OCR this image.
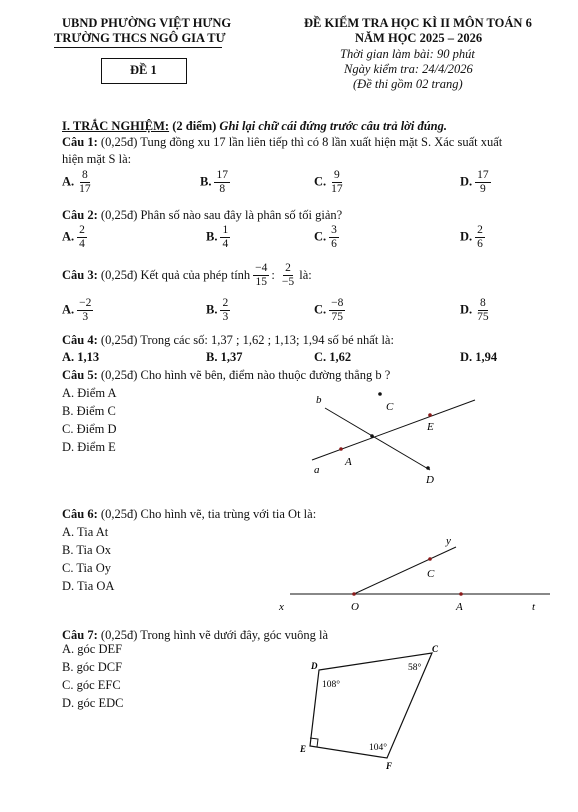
UBND PHƯỜNG VIỆT HƯNG
TRƯỜNG THCS NGÔ GIA TƯ
ĐỀ 1
ĐỀ KIỂM TRA HỌC KÌ II MÔN TOÁN 6
NĂM HỌC 2025 – 2026
Thời gian làm bài: 90 phút
Ngày kiểm tra: 24/4/2026
(Đề thi gồm 02 trang)
I. TRẮC NGHIỆM: (2 điểm) Ghi lại chữ cái đứng trước câu trả lời đúng.
Câu 1: (0,25đ) Tung đồng xu 17 lần liên tiếp thì có 8 lần xuất hiện mặt S. Xác suất xuất
hiện mặt S là:
A. $\frac{8}{17}$	B. $\frac{17}{8}$	C. $\frac{9}{17}$	D. $\frac{17}{9}$
Câu 2: (0,25đ) Phân số nào sau đây là phân số tối giản?
A. $\frac{2}{4}$	B. $\frac{1}{4}$	C. $\frac{3}{6}$	D. $\frac{2}{6}$
Câu 3:
(0,25đ) Kết quả của phép tính $\frac{-4}{15}$ : $\frac{2}{-5}$
là:
A. $\frac{-2}{3}$	B. $\frac{2}{3}$	C. $\frac{-8}{75}$	D. $\frac{8}{75}$
Câu 4: (0,25đ) Trong các số: 1,37 ; 1,62 ; 1,13; 1,94 số bé nhất là:
A. 1,13	B. 1,37	C. 1,62	D. 1,94
Câu 5: (0,25đ) Cho hình vẽ bên, điểm nào thuộc đường thẳng b ?
A. Điểm A
B. Điểm C
C. Điểm D
D. Điểm E
b
C
E
A
a
D
Câu 6: (0,25đ) Cho hình vẽ, tia trùng với tia Ot là:
A. Tia At
B. Tia Ox
C. Tia Oy
D. Tia OA
y
C
x	O	A	t
Câu 7: (0,25đ) Trong hình vẽ dưới đây, góc vuông là
A. góc DEF
B. góc DCF
C. góc EFC
D. góc EDC
D
C
E
F
108°
58°
104°
